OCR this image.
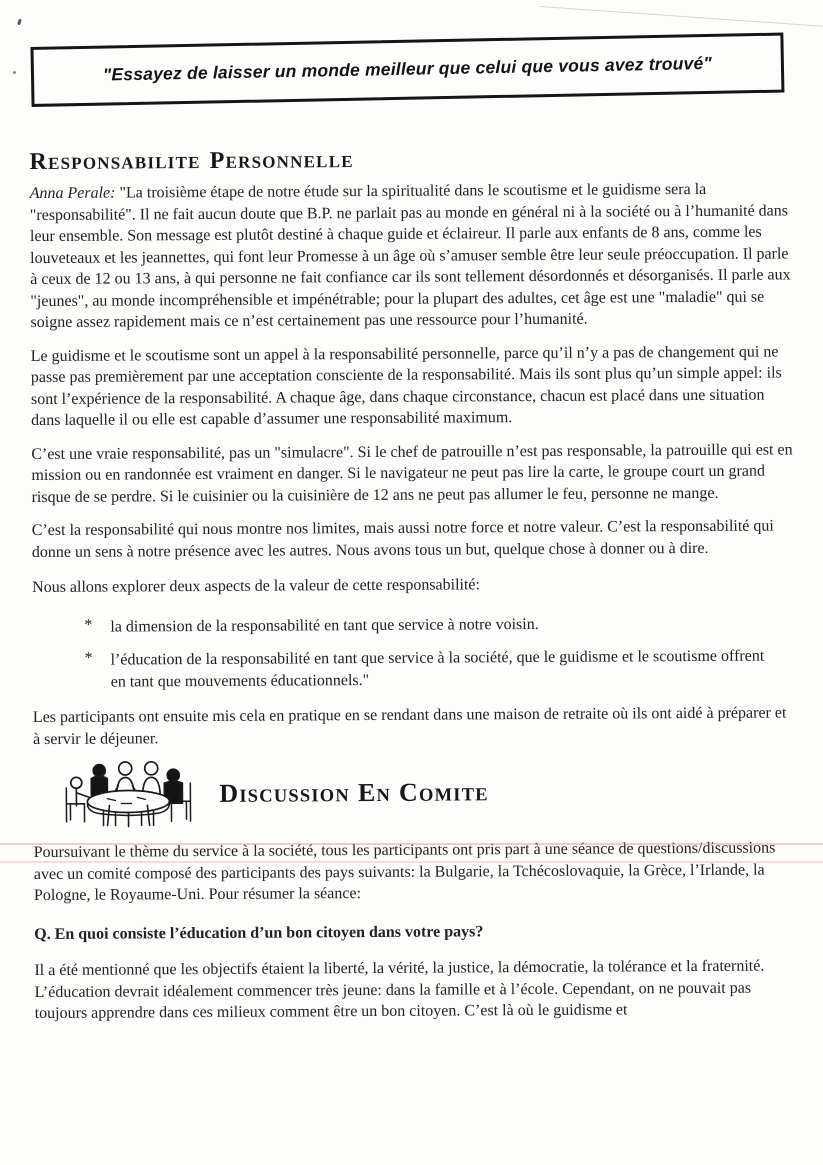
"Essayez de laisser un monde meilleur que celui que vous avez trouvé"
RESPONSABILITE PERSONNELLE

Anna Perale: "La troisième étape de notre étude sur la spiritualité dans le scoutisme et le guidisme sera la "responsabilité". Il ne fait aucun doute que B.P. ne parlait pas au monde en général ni à la société ou à l’humanité dans leur ensemble. Son message est plutôt destiné à chaque guide et éclaireur. Il parle aux enfants de 8 ans, comme les louveteaux et les jeannettes, qui font leur Promesse à un âge où s’amuser semble être leur seule préoccupation. Il parle à ceux de 12 ou 13 ans, à qui personne ne fait confiance car ils sont tellement désordonnés et désorganisés. Il parle aux "jeunes", au monde incompréhensible et impénétrable; pour la plupart des adultes, cet âge est une "maladie" qui se soigne assez rapidement mais ce n’est certainement pas une ressource pour l’humanité.

Le guidisme et le scoutisme sont un appel à la responsabilité personnelle, parce qu’il n’y a pas de changement qui ne passe pas premièrement par une acceptation consciente de la responsabilité. Mais ils sont plus qu’un simple appel: ils sont l’expérience de la responsabilité. A chaque âge, dans chaque circonstance, chacun est placé dans une situation dans laquelle il ou elle est capable d’assumer une responsabilité maximum.

C’est une vraie responsabilité, pas un "simulacre". Si le chef de patrouille n’est pas responsable, la patrouille qui est en mission ou en randonnée est vraiment en danger. Si le navigateur ne peut pas lire la carte, le groupe court un grand risque de se perdre. Si le cuisinier ou la cuisinière de 12 ans ne peut pas allumer le feu, personne ne mange.

C’est la responsabilité qui nous montre nos limites, mais aussi notre force et notre valeur. C’est la responsabilité qui donne un sens à notre présence avec les autres. Nous avons tous un but, quelque chose à donner ou à dire.

Nous allons explorer deux aspects de la valeur de cette responsabilité:

*	la dimension de la responsabilité en tant que service à notre voisin.
*	l’éducation de la responsabilité en tant que service à la société, que le guidisme et le scoutisme offrent en tant que mouvements éducationnels."

Les participants ont ensuite mis cela en pratique en se rendant dans une maison de retraite où ils ont aidé à préparer et à servir le déjeuner.

DISCUSSION EN COMITE

Poursuivant le thème du service à la société, tous les participants ont pris part à une séance de questions/discussions avec un comité composé des participants des pays suivants: la Bulgarie, la Tchécoslovaquie, la Grèce, l’Irlande, la Pologne, le Royaume-Uni. Pour résumer la séance:

Q. En quoi consiste l’éducation d’un bon citoyen dans votre pays?

Il a été mentionné que les objectifs étaient la liberté, la vérité, la justice, la démocratie, la tolérance et la fraternité. L’éducation devrait idéalement commencer très jeune: dans la famille et à l’école. Cependant, on ne pouvait pas toujours apprendre dans ces milieux comment être un bon citoyen. C’est là où le guidisme et
